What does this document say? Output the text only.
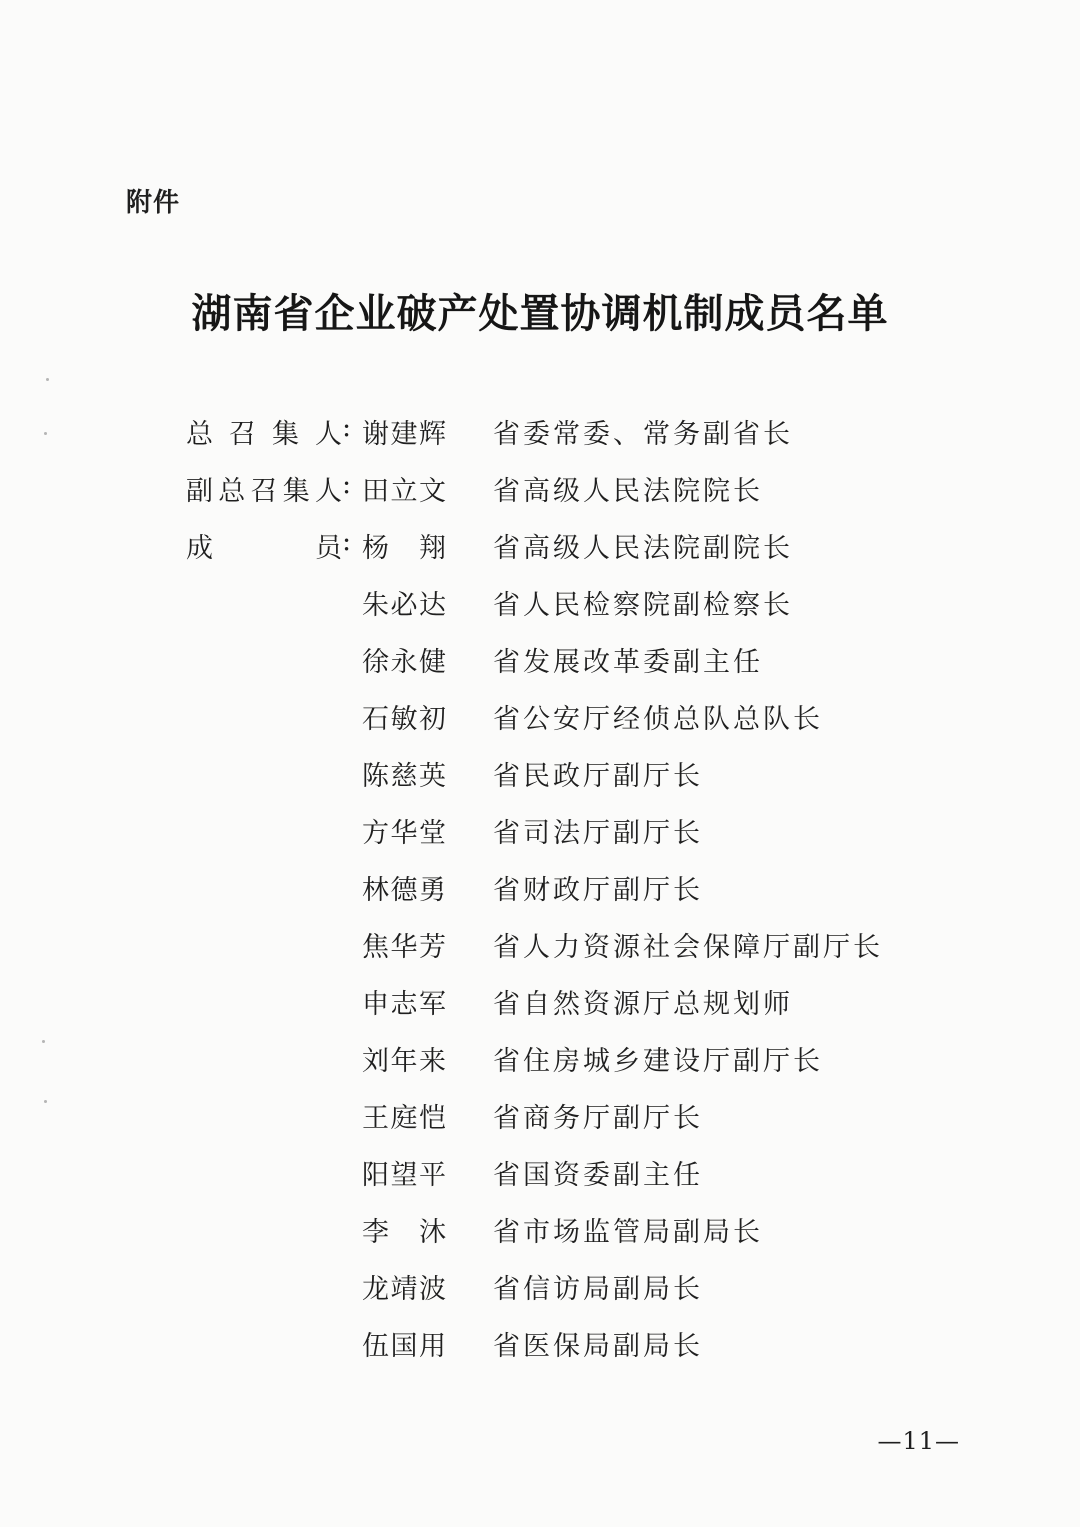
附件
湖南省企业破产处置协调机制成员名单
总召集人 : 谢建辉 省委常委、常务副省长
副总召集人 : 田立文 省高级人民法院院长
成员 : 杨翔 省高级人民法院副院长
朱必达 省人民检察院副检察长
徐永健 省发展改革委副主任
石敏初 省公安厅经侦总队总队长
陈慈英 省民政厅副厅长
方华堂 省司法厅副厅长
林德勇 省财政厅副厅长
焦华芳 省人力资源社会保障厅副厅长
申志军 省自然资源厅总规划师
刘年来 省住房城乡建设厅副厅长
王庭恺 省商务厅副厅长
阳望平 省国资委副主任
李沐 省市场监管局副局长
龙靖波 省信访局副局长
伍国用 省医保局副局长
—11—
